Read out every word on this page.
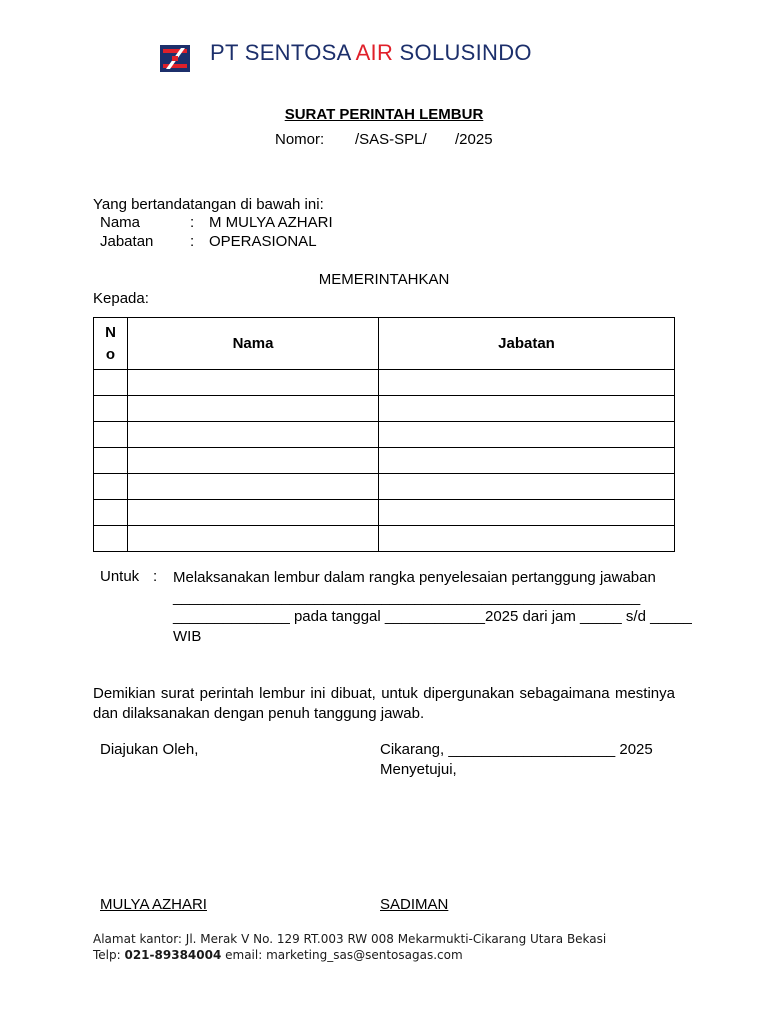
PT SENTOSA AIR SOLUSINDO
SURAT PERINTAH LEMBUR
Nomor: /SAS-SPL/ /2025
Yang bertandatangan di bawah ini:
Nama	: M MULYA AZHARI
Jabatan : OPERASIONAL
MEMERINTAHKAN
Kepada:
N
o	Nama	Jabatan

Untuk : Melaksanakan lembur dalam rangka penyelesaian pertanggung jawaban

________________________________________________________

______________ pada tanggal ____________2025 dari jam _____ s/d _____

WIB

Demikian surat perintah lembur ini dibuat, untuk dipergunakan sebagaimana mestinya dan dilaksanakan dengan penuh tanggung jawab.
Diajukan Oleh,	Cikarang, ____________________ 2025
Menyetujui,
MULYA AZHARI	SADIMAN
Alamat kantor: Jl. Merak V No. 129 RT.003 RW 008 Mekarmukti-Cikarang Utara Bekasi
Telp: 021-89384004 email: marketing_sas@sentosagas.com
